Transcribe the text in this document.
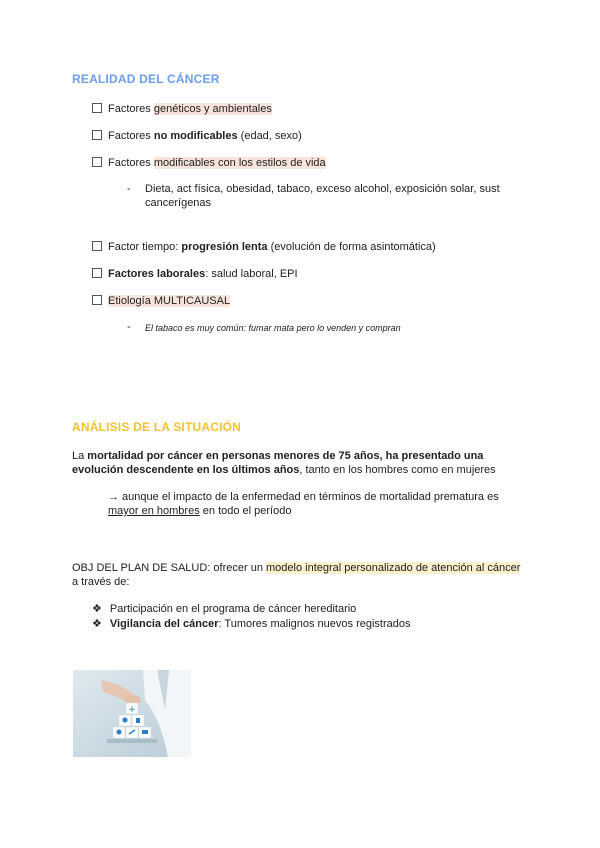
REALIDAD DEL CÁNCER
Factores genéticos y ambientales
Factores no modificables (edad, sexo)
Factores modificables con los estilos de vida
- Dieta, act física, obesidad, tabaco, exceso alcohol, exposición solar, sust
cancerígenas
Factor tiempo: progresión lenta (evolución de forma asintomática)
Factores laborales: salud laboral, EPI
Etiología MULTICAUSAL
- El tabaco es muy común: fumar mata pero lo venden y compran
ANÁLISIS DE LA SITUACIÓN
La mortalidad por cáncer en personas menores de 75 años, ha presentado una
evolución descendente en los últimos años, tanto en los hombres como en mujeres
→ aunque el impacto de la enfermedad en términos de mortalidad prematura es
mayor en hombres en todo el período
OBJ DEL PLAN DE SALUD: ofrecer un modelo integral personalizado de atención al cáncer
a través de:
❖ Participación en el programa de cáncer hereditario
❖ Vigilancia del cáncer: Tumores malignos nuevos registrados
+
